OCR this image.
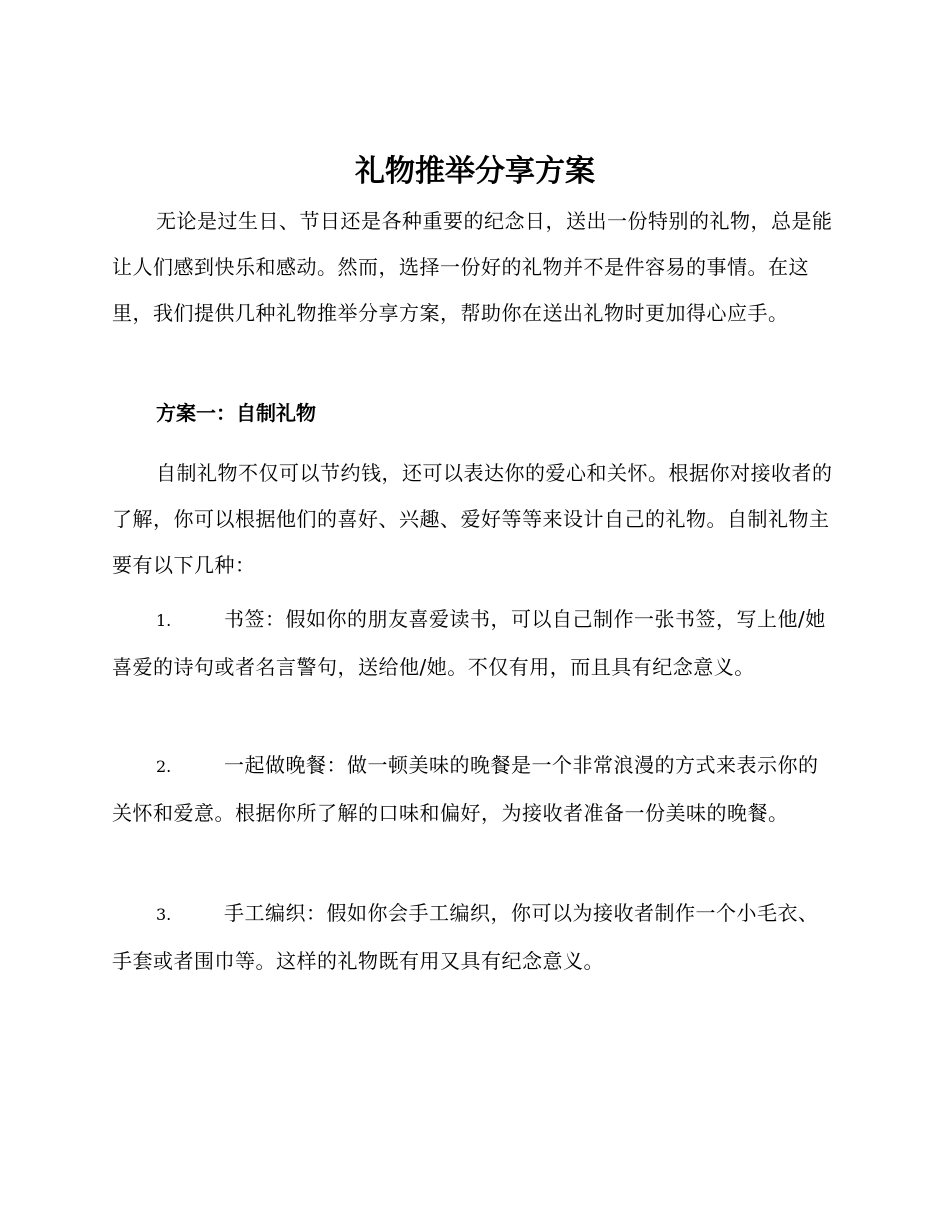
礼物推举分享方案

无论是过生日、节日还是各种重要的纪念日，送出一份特别的礼物，总是能让人们感到快乐和感动。然而，选择一份好的礼物并不是件容易的事情。在这里，我们提供几种礼物推举分享方案，帮助你在送出礼物时更加得心应手。

方案一：自制礼物

自制礼物不仅可以节约钱，还可以表达你的爱心和关怀。根据你对接收者的了解，你可以根据他们的喜好、兴趣、爱好等等来设计自己的礼物。自制礼物主要有以下几种：

1.	书签：假如你的朋友喜爱读书，可以自己制作一张书签，写上他/她喜爱的诗句或者名言警句，送给他/她。不仅有用，而且具有纪念意义。

2.	一起做晚餐：做一顿美味的晚餐是一个非常浪漫的方式来表示你的关怀和爱意。根据你所了解的口味和偏好，为接收者准备一份美味的晚餐。

3.	手工编织：假如你会手工编织，你可以为接收者制作一个小毛衣、手套或者围巾等。这样的礼物既有用又具有纪念意义。
